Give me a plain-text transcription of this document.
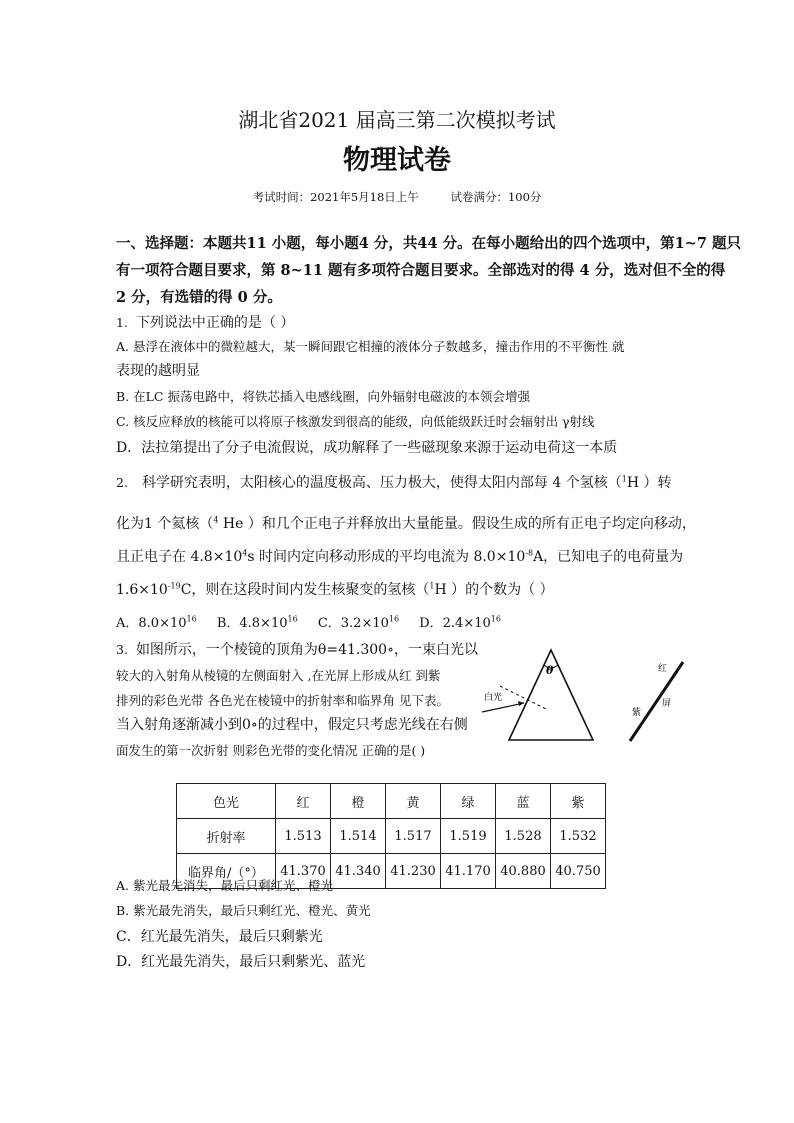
湖北省2021 届高三第二次模拟考试
物理试卷
考试时间：2021年5月18日上午	试卷满分：100分
一、选择题：本题共11 小题，每小题4 分，共44 分。在每小题给出的四个选项中，第1~7 题只
有一项符合题目要求，第 8~11 题有多项符合题目要求。全部选对的得 4 分，选对但不全的得
2 分，有选错的得 0 分。
1. 下列说法中正确的是（ ）
A. 悬浮在液体中的微粒越大，某一瞬间跟它相撞的液体分子数越多，撞击作用的不平衡性 就
表现的越明显
B. 在LC 振荡电路中，将铁芯插入电感线圈，向外辐射电磁波的本领会增强
C. 核反应释放的核能可以将原子核激发到很高的能级，向低能级跃迁时会辐射出 γ射线
D．法拉第提出了分子电流假说，成功解释了一些磁现象来源于运动电荷这一本质
2. 科学研究表明，太阳核心的温度极高、压力极大，使得太阳内部每 4 个氢核（$^1$H ）转
化为1 个氦核（$^4$ He ）和几个正电子并释放出大量能量。假设生成的所有正电子均定向移动，
且正电子在 $4.8\times 10^4s$ 时间内定向移动形成的平均电流为 $8.0\times 10^{-8}A$，已知电子的电荷量为
$1.6\times 10^{-19}C$，则在这段时间内发生核聚变的氢核（$^1$H ）的个数为（ ）
A．$8.0\times 10^{16}$ B．$4.8\times 10^{16}$ C．$3.2\times 10^{16}$ D．$2.4\times 10^{16}$
3. 如图所示，一个棱镜的顶角为θ=41.300∘，一束白光以
较大的入射角从棱镜的左侧面射入 ,在光屏上形成从红 到紫
排列的彩色光带 各色光在棱镜中的折射率和临界角 见下表。
当入射角逐渐减小到0∘的过程中，假定只考虑光线在右侧
面发生的第一次折射 则彩色光带的变化情况 正确的是( )
θ
白光
红
紫
屏
色光	红	橙	黄	绿	蓝	紫
折射率	1.513	1.514	1.517	1.519	1.528	1.532
临界角/（°）	41.370	41.340	41.230	41.170	40.880	40.750
A. 紫光最先消失，最后只剩红光、橙光
B. 紫光最先消失，最后只剩红光、橙光、黄光
C．红光最先消失，最后只剩紫光
D．红光最先消失，最后只剩紫光、蓝光
